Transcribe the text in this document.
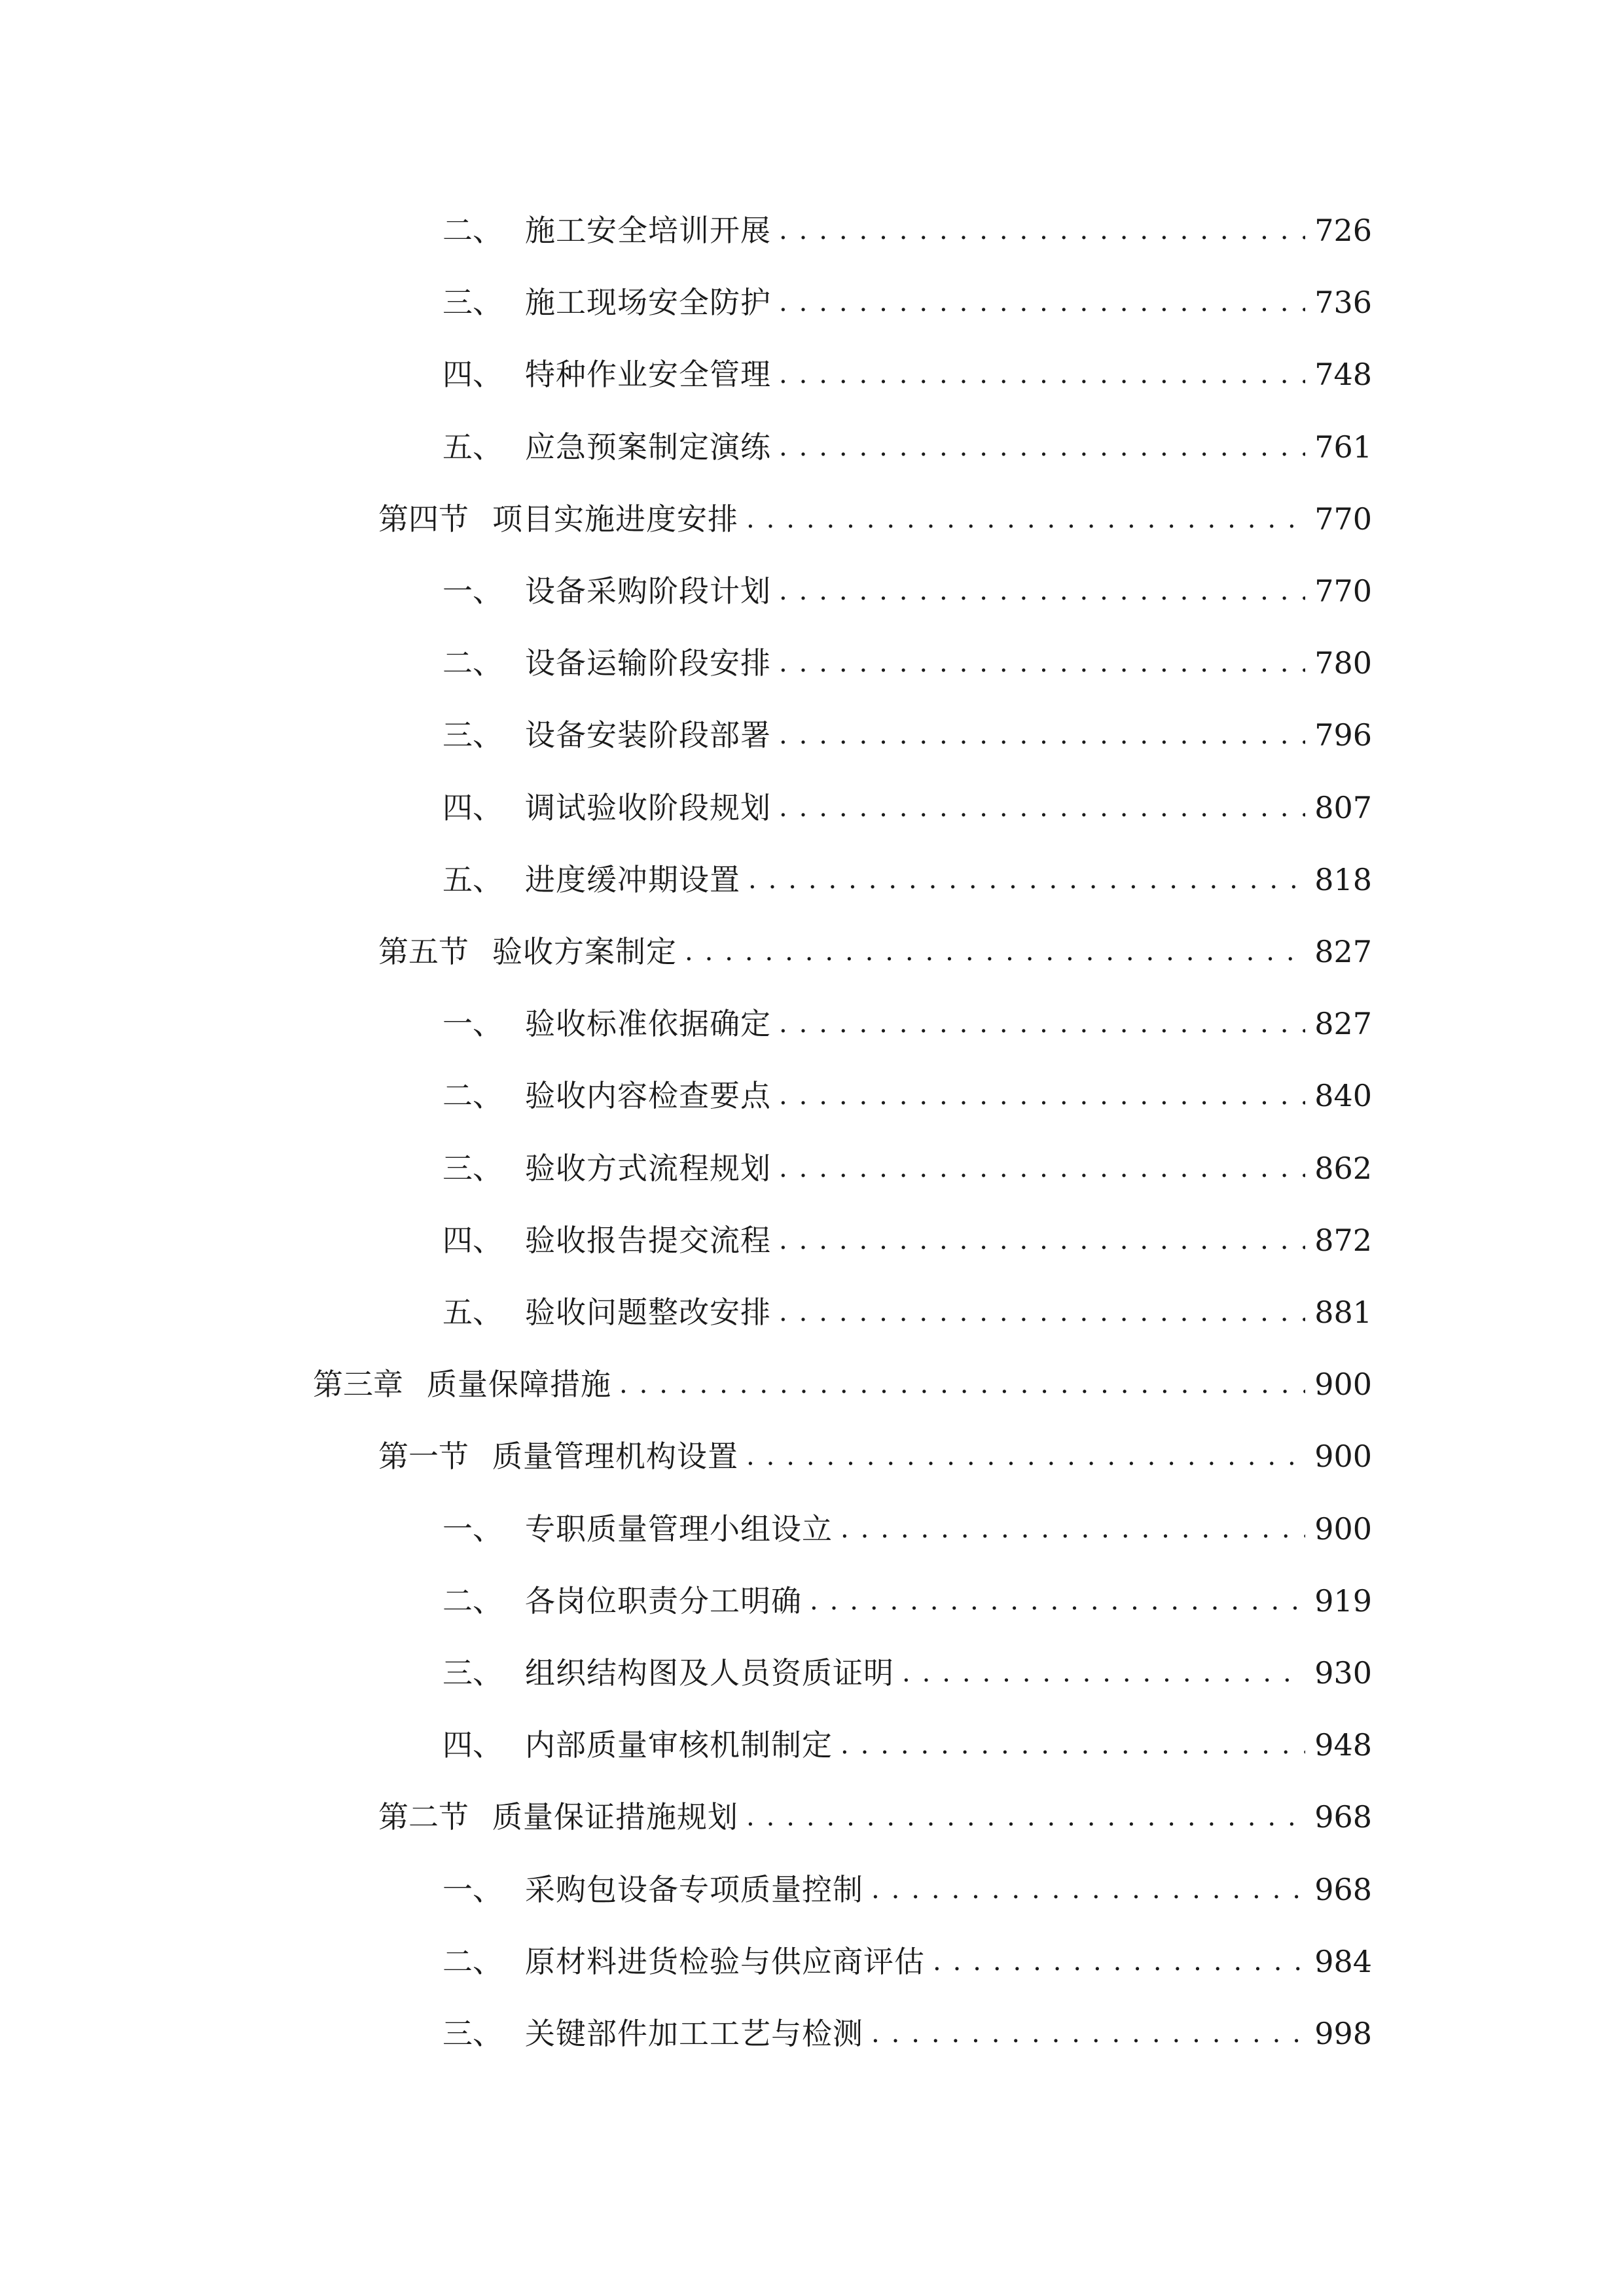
二、 施工安全培训开展 . . .	726
三、 施工现场安全防护 . . .	736
四、 特种作业安全管理 . . .	748
五、 应急预案制定演练 . . .	761
第四节 项目实施进度安排 . . .	770
一、 设备采购阶段计划 . . .	770
二、 设备运输阶段安排 . . .	780
三、 设备安装阶段部署 . . .	796
四、 调试验收阶段规划 . . .	807
五、 进度缓冲期设置 . . .	818
第五节 验收方案制定 . . .	827
一、 验收标准依据确定 . . .	827
二、 验收内容检查要点 . . .	840
三、 验收方式流程规划 . . .	862
四、 验收报告提交流程 . . .	872
五、 验收问题整改安排 . . .	881
第三章 质量保障措施 . . .	900
第一节 质量管理机构设置 . . .	900
一、 专职质量管理小组设立 . . .	900
二、 各岗位职责分工明确 . . .	919
三、 组织结构图及人员资质证明 . . .	930
四、 内部质量审核机制制定 . . .	948
第二节 质量保证措施规划 . . .	968
一、 采购包设备专项质量控制 . . .	968
二、 原材料进货检验与供应商评估 . . .	984
三、 关键部件加工工艺与检测 . . .	998
